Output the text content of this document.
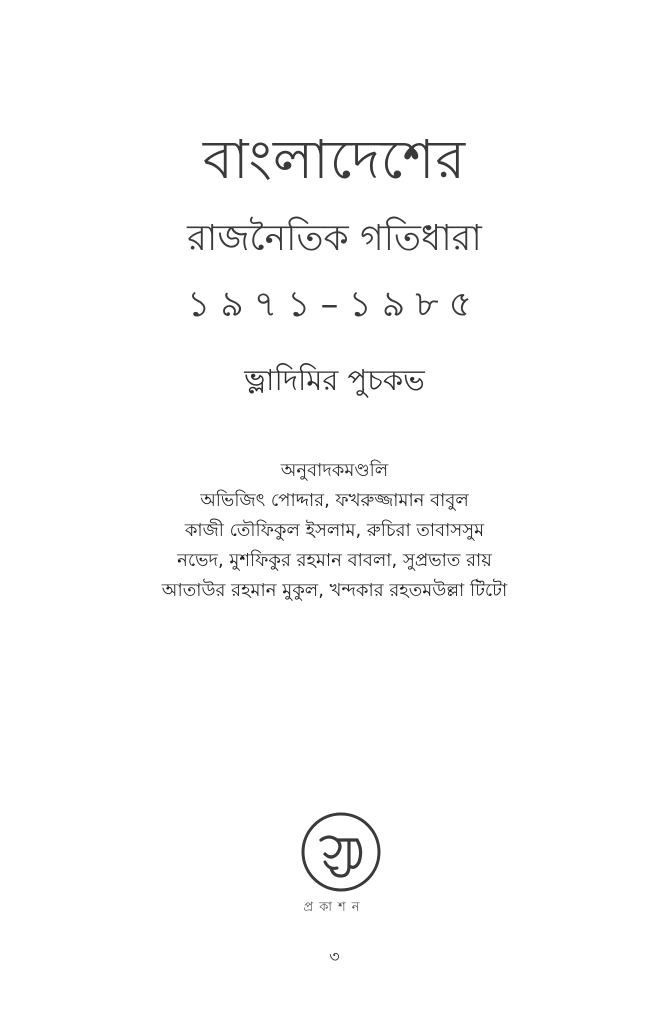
বাংলাদেশের
রাজনৈতিক গতিধারা
১৯৭১–১৯৮৫
ভ্লাদিমির পুচকভ
অনুবাদকমণ্ডলি
অভিজিৎ পোদ্দার, ফখরুজ্জামান বাবুল
কাজী তৌফিকুল ইসলাম, রুচিরা তাবাসসুম
নভেদ, মুশফিকুর রহমান বাবলা, সুপ্রভাত রায়
আতাউর রহমান মুকুল, খন্দকার রহতমউল্লা টিটো
প্রকাশন
৩
